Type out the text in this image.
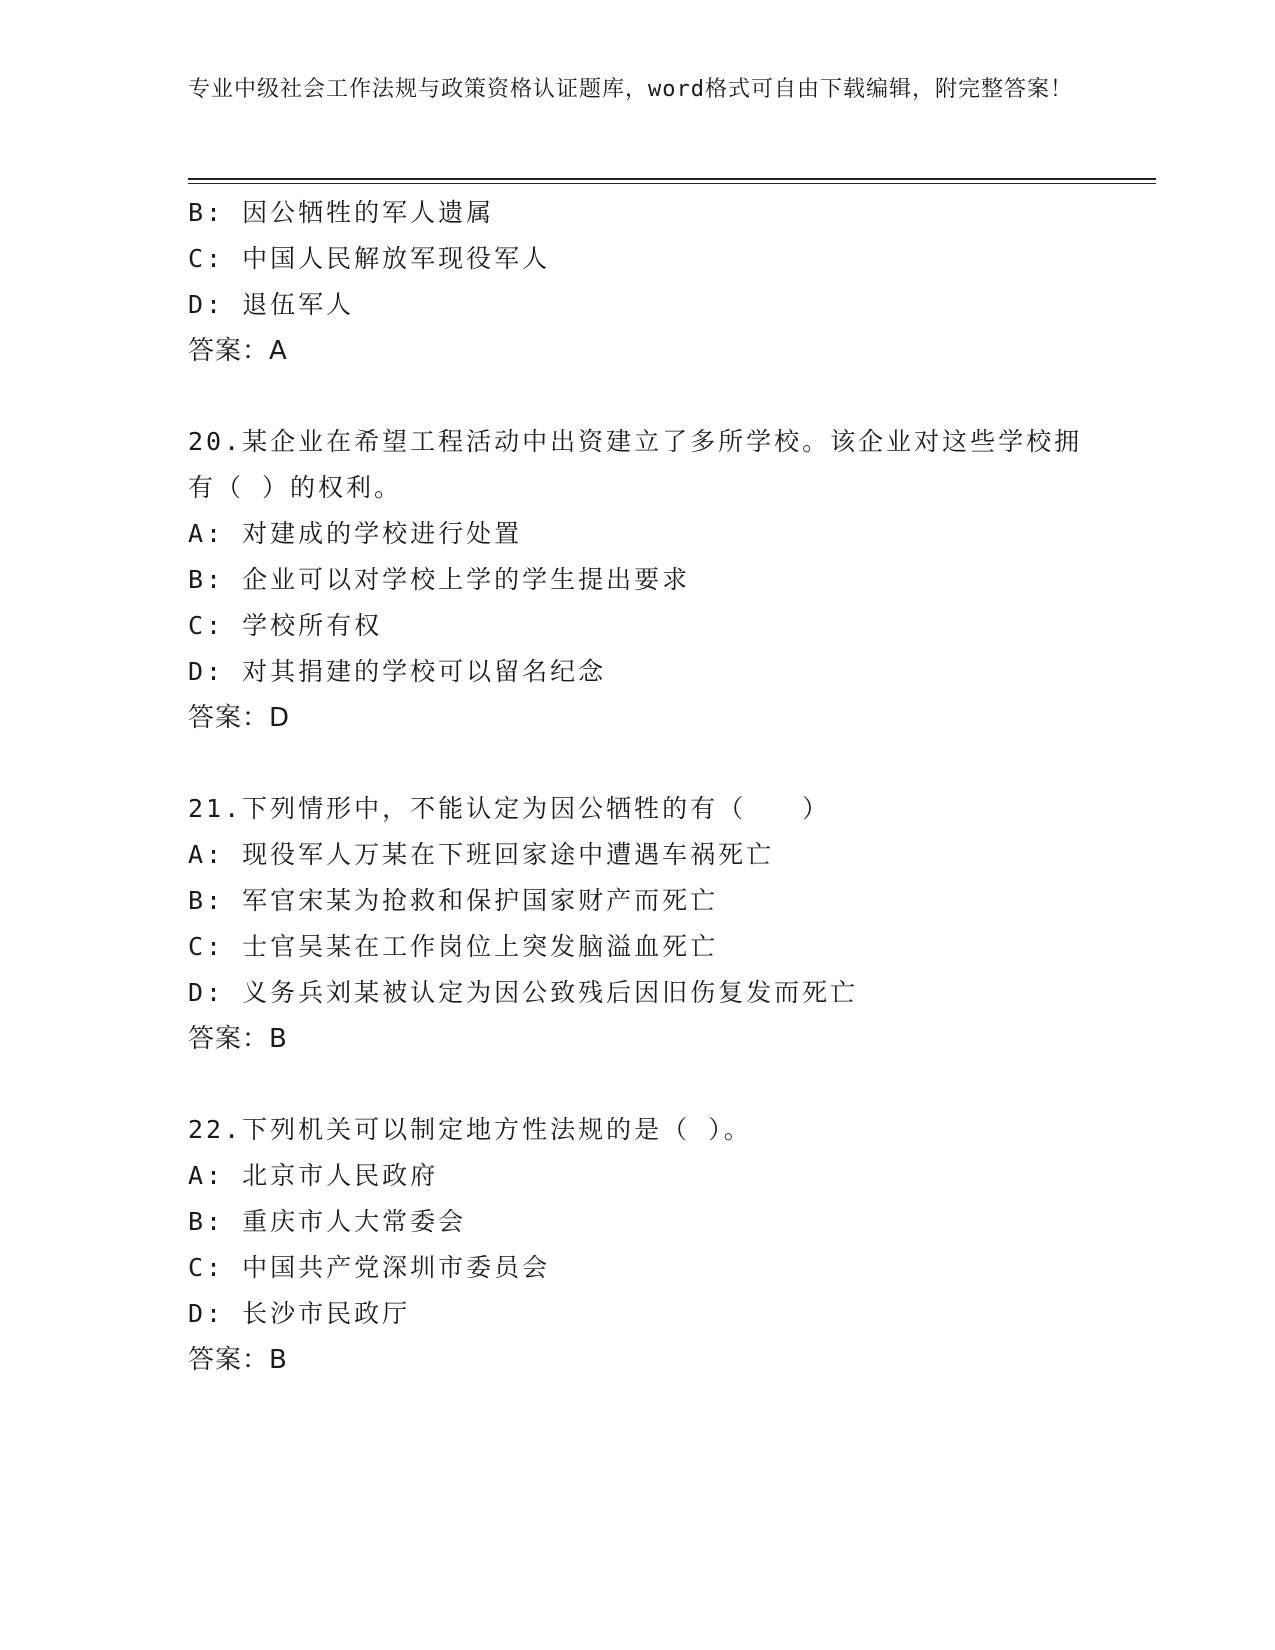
专业中级社会工作法规与政策资格认证题库，word格式可自由下载编辑，附完整答案！
B: 因公牺牲的军人遗属
C: 中国人民解放军现役军人
D: 退伍军人
答案：A
20.某企业在希望工程活动中出资建立了多所学校。该企业对这些学校拥有（ ）的权利。
A: 对建成的学校进行处置
B: 企业可以对学校上学的学生提出要求
C: 学校所有权
D: 对其捐建的学校可以留名纪念
答案：D
21.下列情形中，不能认定为因公牺牲的有（　　）
A: 现役军人万某在下班回家途中遭遇车祸死亡
B: 军官宋某为抢救和保护国家财产而死亡
C: 士官吴某在工作岗位上突发脑溢血死亡
D: 义务兵刘某被认定为因公致残后因旧伤复发而死亡
答案：B
22.下列机关可以制定地方性法规的是（ ）。
A: 北京市人民政府
B: 重庆市人大常委会
C: 中国共产党深圳市委员会
D: 长沙市民政厅
答案：B
